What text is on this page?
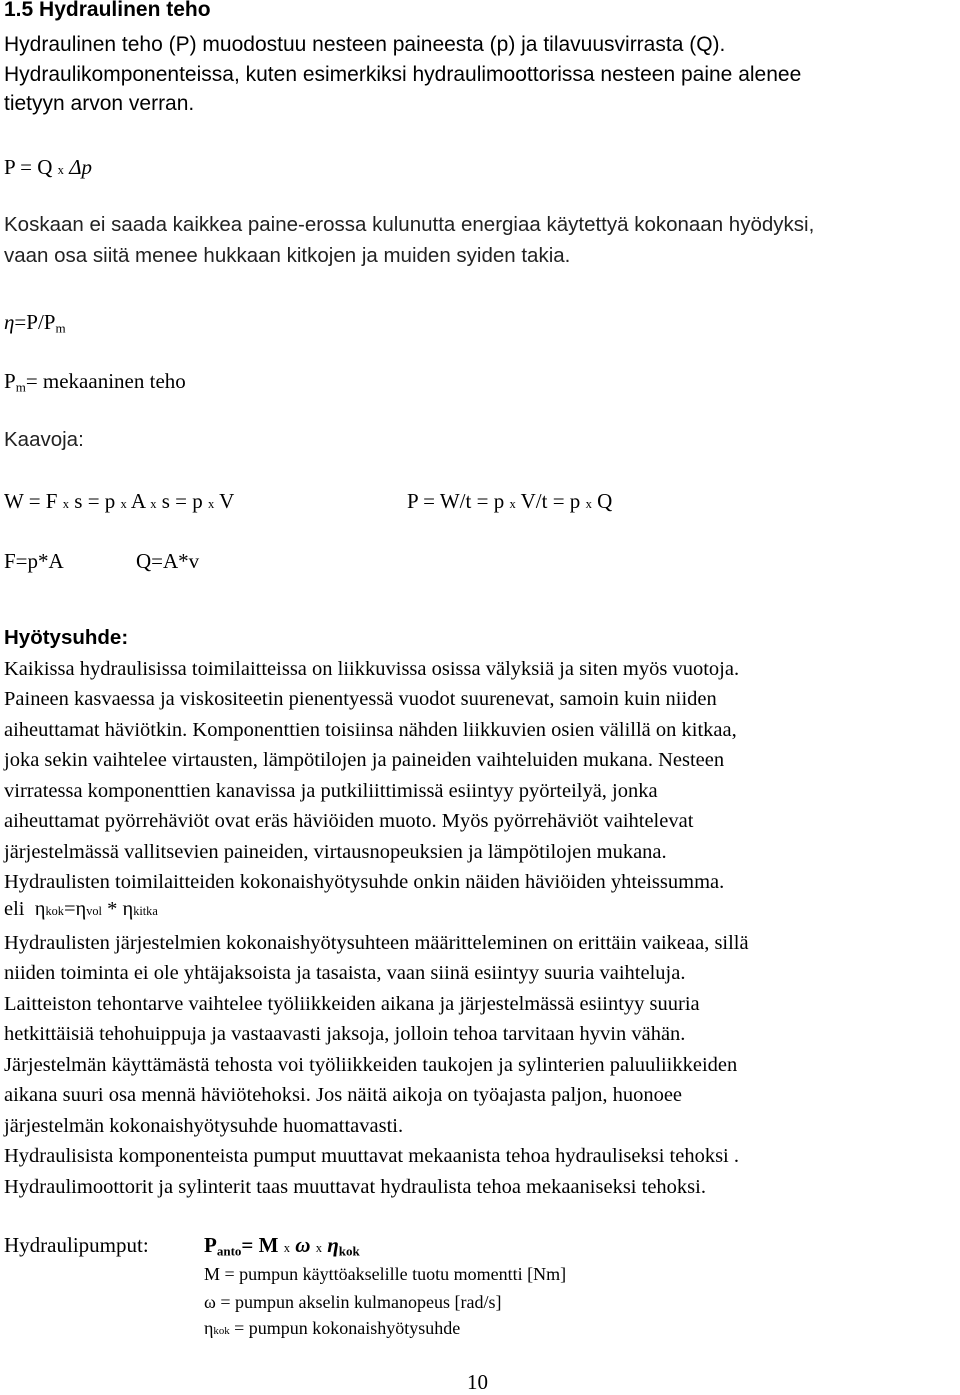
1.5 Hydraulinen teho
Hydraulinen teho (P) muodostuu nesteen paineesta (p) ja tilavuusvirrasta (Q).
Hydraulikomponenteissa, kuten esimerkiksi hydraulimoottorissa nesteen paine alenee
tietyyn arvon verran.
P = Q x Δp
Koskaan ei saada kaikkea paine-erossa kulunutta energiaa käytettyä kokonaan hyödyksi,
vaan osa siitä menee hukkaan kitkojen ja muiden syiden takia.
$\eta=P/P_m$
$P_m=$ mekaaninen teho
Kaavoja:
W = F x s = p x A x s = p x V	P = W/t = p x V/t = p x Q
F=p*A	Q=A*v
Hyötysuhde:
Kaikissa hydraulisissa toimilaitteissa on liikkuvissa osissa välyksiä ja siten myös vuotoja.
Paineen kasvaessa ja viskositeetin pienentyessä vuodot suurenevat, samoin kuin niiden
aiheuttamat häviötkin. Komponenttien toisiinsa nähden liikkuvien osien välillä on kitkaa,
joka sekin vaihtelee virtausten, lämpötilojen ja paineiden vaihteluiden mukana. Nesteen
virratessa komponenttien kanavissa ja putkiliittimissä esiintyy pyörteilyä, jonka
aiheuttamat pyörrehäviöt ovat eräs häviöiden muoto. Myös pyörrehäviöt vaihtelevat
järjestelmässä vallitsevien paineiden, virtausnopeuksien ja lämpötilojen mukana.
Hydraulisten toimilaitteiden kokonaishyötysuhde onkin näiden häviöiden yhteissumma.
eli ηkok=ηvol * ηkitka
Hydraulisten järjestelmien kokonaishyötysuhteen määritteleminen on erittäin vaikeaa, sillä
niiden toiminta ei ole yhtäjaksoista ja tasaista, vaan siinä esiintyy suuria vaihteluja.
Laitteiston tehontarve vaihtelee työliikkeiden aikana ja järjestelmässä esiintyy suuria
hetkittäisiä tehohuippuja ja vastaavasti jaksoja, jolloin tehoa tarvitaan hyvin vähän.
Järjestelmän käyttämästä tehosta voi työliikkeiden taukojen ja sylinterien paluuliikkeiden
aikana suuri osa mennä häviötehoksi. Jos näitä aikoja on työajasta paljon, huonoee
järjestelmän kokonaishyötysuhde huomattavasti.
Hydraulisista komponenteista pumput muuttavat mekaanista tehoa hydrauliseksi tehoksi .
Hydraulimoottorit ja sylinterit taas muuttavat hydraulista tehoa mekaaniseksi tehoksi.
Hydraulipumput:	$P_{anto}= M$ x ω x $\eta_{kok}$
M = pumpun käyttöakselille tuotu momentti [Nm]
ω = pumpun akselin kulmanopeus [rad/s]
ηkok = pumpun kokonaishyötysuhde
10
